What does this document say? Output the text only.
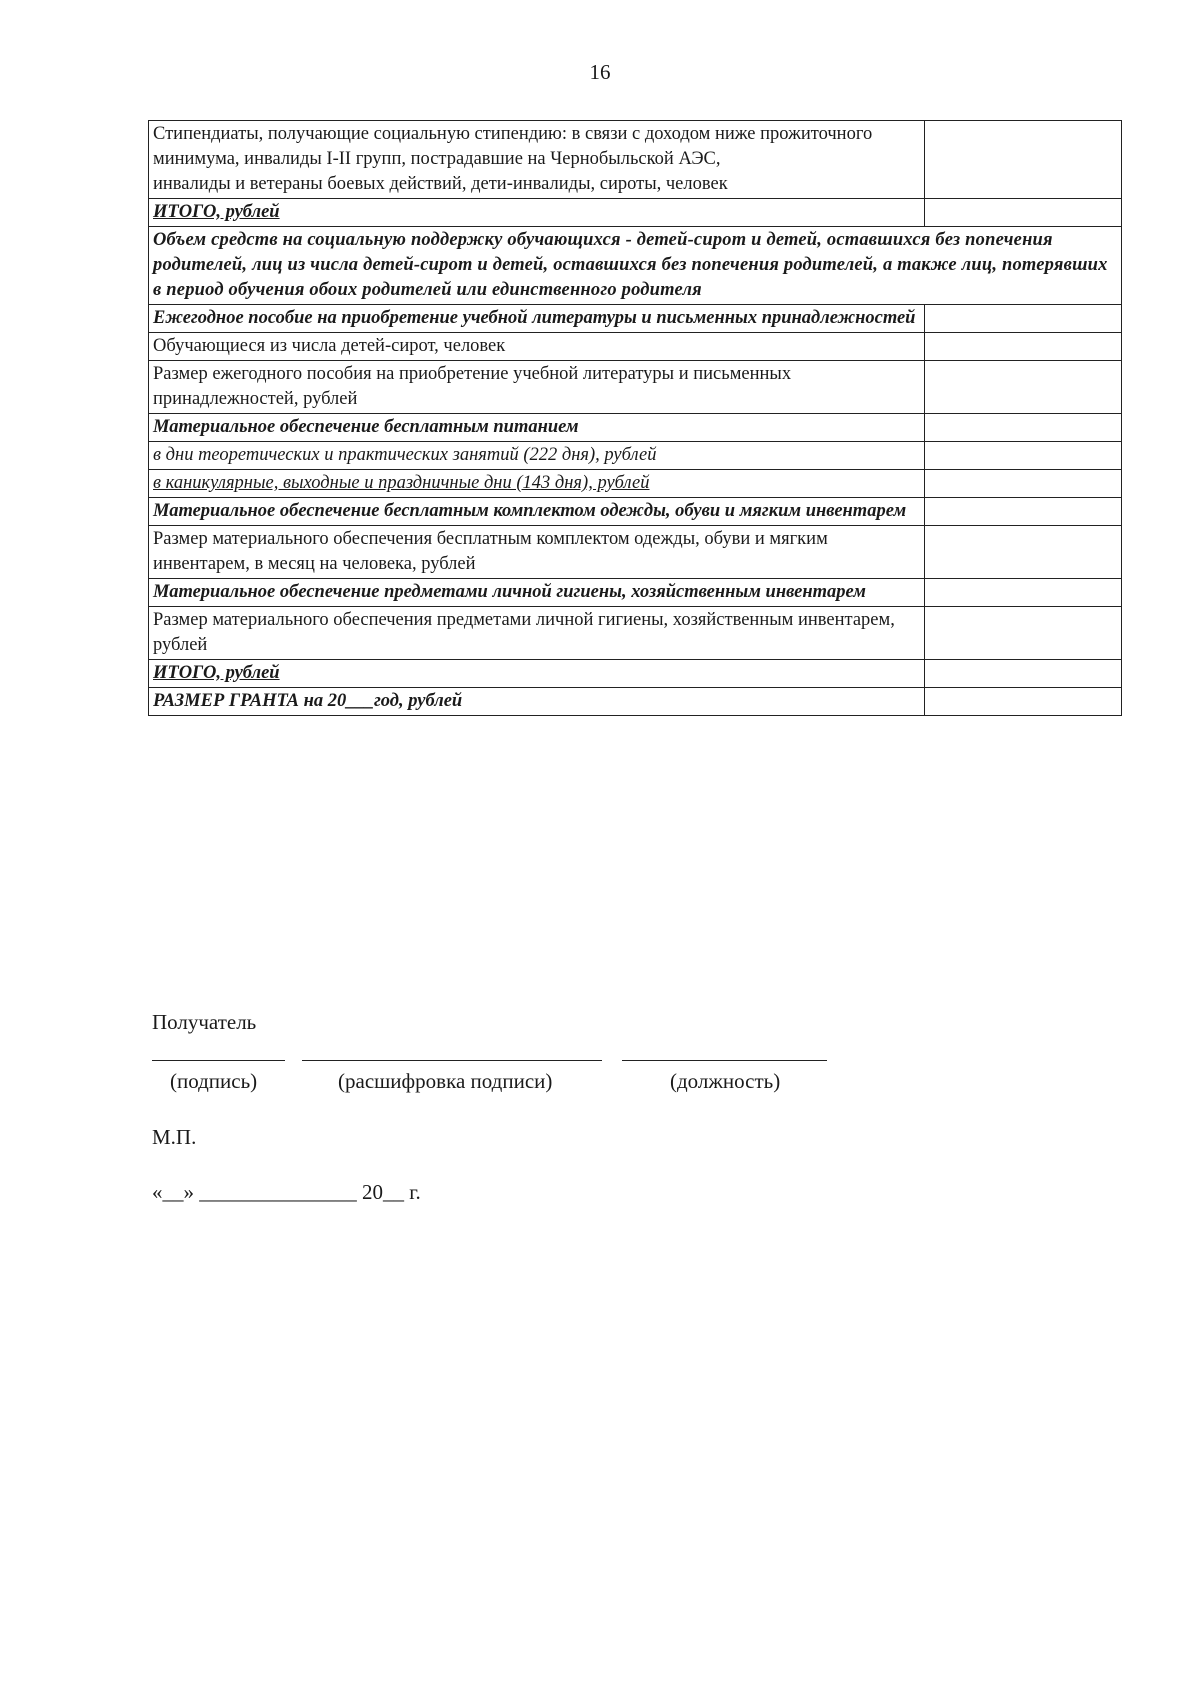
16
Стипендиаты, получающие социальную стипендию: в связи с доходом ниже прожиточного минимума, инвалиды I-II групп, пострадавшие на Чернобыльской АЭС,
инвалиды и ветераны боевых действий, дети-инвалиды, сироты, человек	
ИТОГО, рублей	
Объем средств на социальную поддержку обучающихся - детей-сирот и детей, оставшихся без попечения родителей, лиц из числа детей-сирот и детей, оставшихся без попечения родителей, а также лиц, потерявших в период обучения обоих родителей или единственного родителя	
Ежегодное пособие на приобретение учебной литературы и письменных принадлежностей	
Обучающиеся из числа детей-сирот, человек	
Размер ежегодного пособия на приобретение учебной литературы и письменных принадлежностей, рублей	
Материальное обеспечение бесплатным питанием	
в дни теоретических и практических занятий (222 дня), рублей	
в каникулярные, выходные и праздничные дни (143 дня), рублей	
Материальное обеспечение бесплатным комплектом одежды, обуви и мягким инвентарем	
Размер материального обеспечения бесплатным комплектом одежды, обуви и мягким инвентарем, в месяц на человека, рублей	
Материальное обеспечение предметами личной гигиены, хозяйственным инвентарем	
Размер материального обеспечения предметами личной гигиены, хозяйственным инвентарем, рублей	
ИТОГО, рублей	
РАЗМЕР ГРАНТА на 20___год, рублей	
Получатель
(подпись)	(расшифровка подписи)	(должность)
М.П.
«__» _______________ 20__ г.
